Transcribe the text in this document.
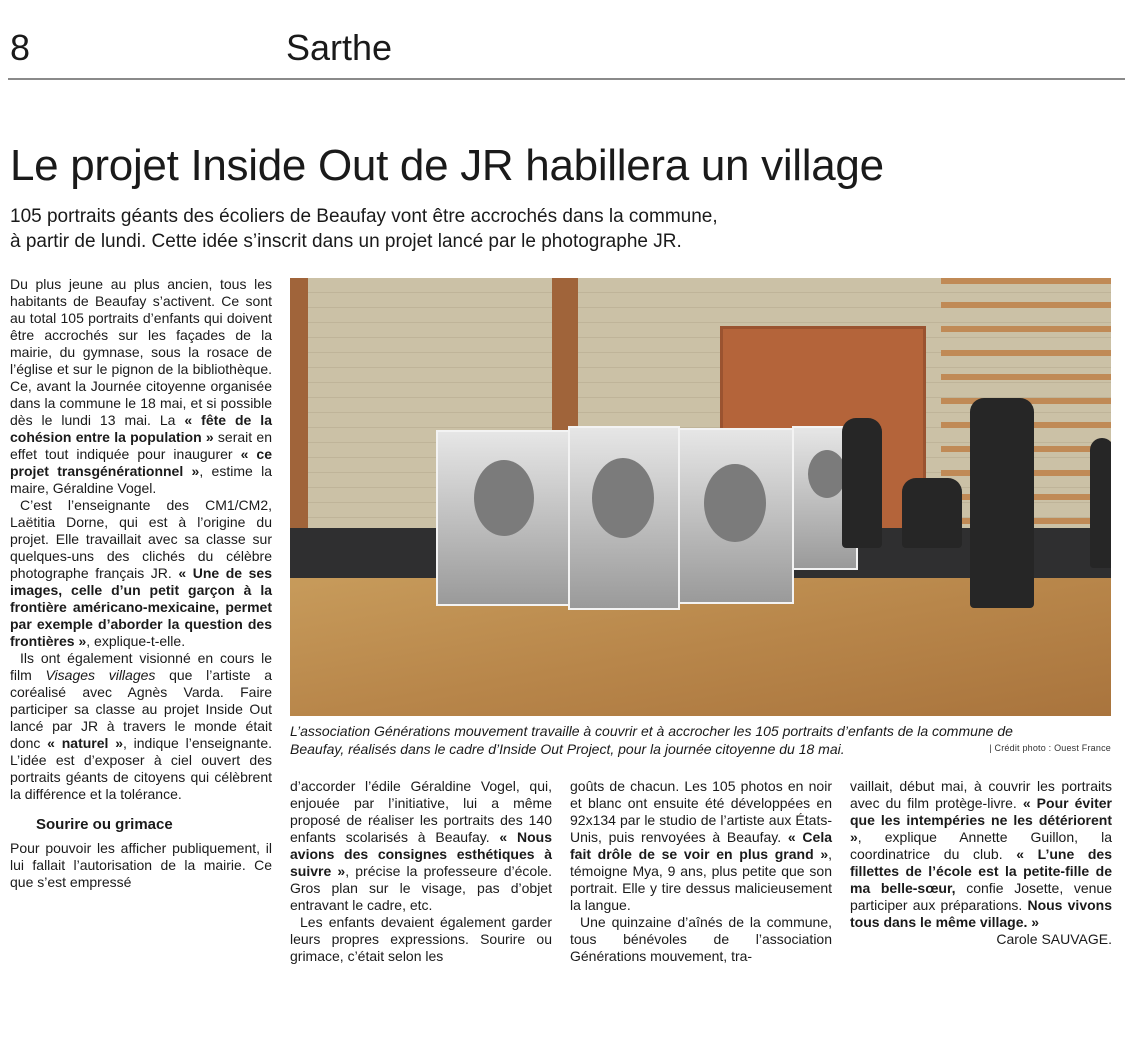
8	Sarthe
Le projet Inside Out de JR habillera un village
105 portraits géants des écoliers de Beaufay vont être accrochés dans la commune,
à partir de lundi. Cette idée s’inscrit dans un projet lancé par le photographe JR.

Du plus jeune au plus ancien, tous les habitants de Beaufay s’activent. Ce sont au total 105 portraits d’enfants qui doivent être accrochés sur les façades de la mairie, du gymnase, sous la rosace de l’église et sur le pignon de la bibliothèque. Ce, avant la Journée citoyenne organisée dans la commune le 18 mai, et si possible dès le lundi 13 mai. La « fête de la cohésion entre la population » serait en effet tout indiquée pour inaugurer « ce projet transgénérationnel », estime la maire, Géraldine Vogel.

C’est l’enseignante des CM1/CM2, Laëtitia Dorne, qui est à l’origine du projet. Elle travaillait avec sa classe sur quelques-uns des clichés du célèbre photographe français JR. « Une de ses images, celle d’un petit garçon à la frontière américano-mexicaine, permet par exemple d’aborder la question des frontières », explique-t-elle.

Ils ont également visionné en cours le film Visages villages que l’artiste a coréalisé avec Agnès Varda. Faire participer sa classe au projet Inside Out lancé par JR à travers le monde était donc « naturel », indique l’enseignante. L’idée est d’exposer à ciel ouvert des portraits géants de citoyens qui célèbrent la différence et la tolérance.

Sourire ou grimace

Pour pouvoir les afficher publiquement, il lui fallait l’autorisation de la mairie. Ce que s’est empressé

L’association Générations mouvement travaille à couvrir et à accrocher les 105 portraits d’enfants de la commune de Beaufay, réalisés dans le cadre d’Inside Out Project, pour la journée citoyenne du 18 mai.	| Crédit photo : Ouest France

d’accorder l’édile Géraldine Vogel, qui, enjouée par l’initiative, lui a même proposé de réaliser les portraits des 140 enfants scolarisés à Beaufay. « Nous avions des consignes esthétiques à suivre », précise la professeure d’école. Gros plan sur le visage, pas d’objet entravant le cadre, etc.

Les enfants devaient également garder leurs propres expressions. Sourire ou grimace, c’était selon les

goûts de chacun. Les 105 photos en noir et blanc ont ensuite été développées en 92x134 par le studio de l’artiste aux États-Unis, puis renvoyées à Beaufay. « Cela fait drôle de se voir en plus grand », témoigne Mya, 9 ans, plus petite que son portrait. Elle y tire dessus malicieusement la langue.

Une quinzaine d’aînés de la commune, tous bénévoles de l’association Générations mouvement, tra-

vaillait, début mai, à couvrir les portraits avec du film protège-livre. « Pour éviter que les intempéries ne les détériorent », explique Annette Guillon, la coordinatrice du club. « L’une des fillettes de l’école est la petite-fille de ma belle-sœur, confie Josette, venue participer aux préparations. Nous vivons tous dans le même village. »

Carole SAUVAGE.
